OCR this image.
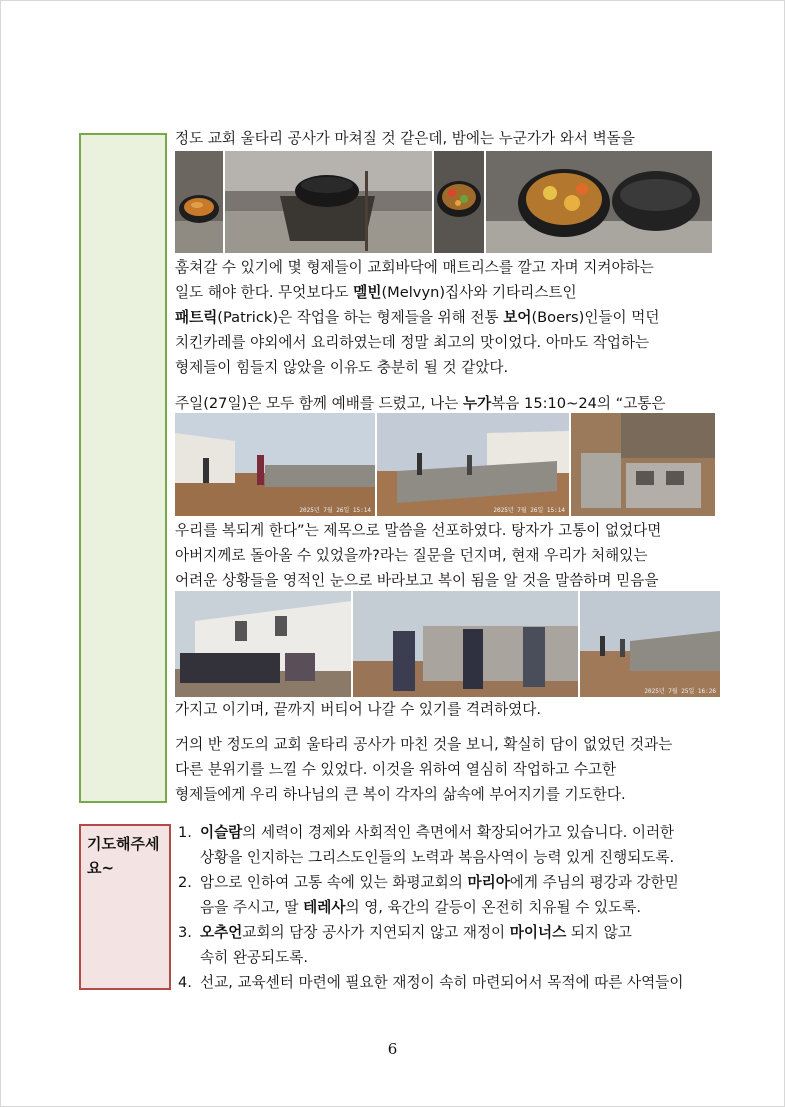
정도 교회 울타리 공사가 마쳐질 것 같은데, 밤에는 누군가가 와서 벽돌을
훔쳐갈 수 있기에 몇 형제들이 교회바닥에 매트리스를 깔고 자며 지켜야하는
일도 해야 한다. 무엇보다도 멜빈(Melvyn)집사와 기타리스트인
패트릭(Patrick)은 작업을 하는 형제들을 위해 전통 보어(Boers)인들이 먹던
치킨카레를 야외에서 요리하였는데 정말 최고의 맛이었다. 아마도 작업하는
형제들이 힘들지 않았을 이유도 충분히 될 것 같았다.
주일(27일)은 모두 함께 예배를 드렸고, 나는 누가복음 15:10~24의 “고통은
2025년 7월 26일 15:14	2025년 7월 26일 15:14
우리를 복되게 한다”는 제목으로 말씀을 선포하였다. 탕자가 고통이 없었다면
아버지께로 돌아올 수 있었을까?라는 질문을 던지며, 현재 우리가 처해있는
어려운 상황들을 영적인 눈으로 바라보고 복이 됨을 알 것을 말씀하며 믿음을
2025년 7월 25일 16:26
가지고 이기며, 끝까지 버티어 나갈 수 있기를 격려하였다.
거의 반 정도의 교회 울타리 공사가 마친 것을 보니, 확실히 담이 없었던 것과는
다른 분위기를 느낄 수 있었다. 이것을 위하여 열심히 작업하고 수고한
형제들에게 우리 하나님의 큰 복이 각자의 삶속에 부어지기를 기도한다.
기도해주세요~
1. 이슬람의 세력이 경제와 사회적인 측면에서 확장되어가고 있습니다. 이러한
상황을 인지하는 그리스도인들의 노력과 복음사역이 능력 있게 진행되도록.
2. 암으로 인하여 고통 속에 있는 화평교회의 마리아에게 주님의 평강과 강한믿
음을 주시고, 딸 테레사의 영, 육간의 갈등이 온전히 치유될 수 있도록.
3. 오추언교회의 담장 공사가 지연되지 않고 재정이 마이너스 되지 않고
속히 완공되도록.
4. 선교, 교육센터 마련에 필요한 재정이 속히 마련되어서 목적에 따른 사역들이
6
